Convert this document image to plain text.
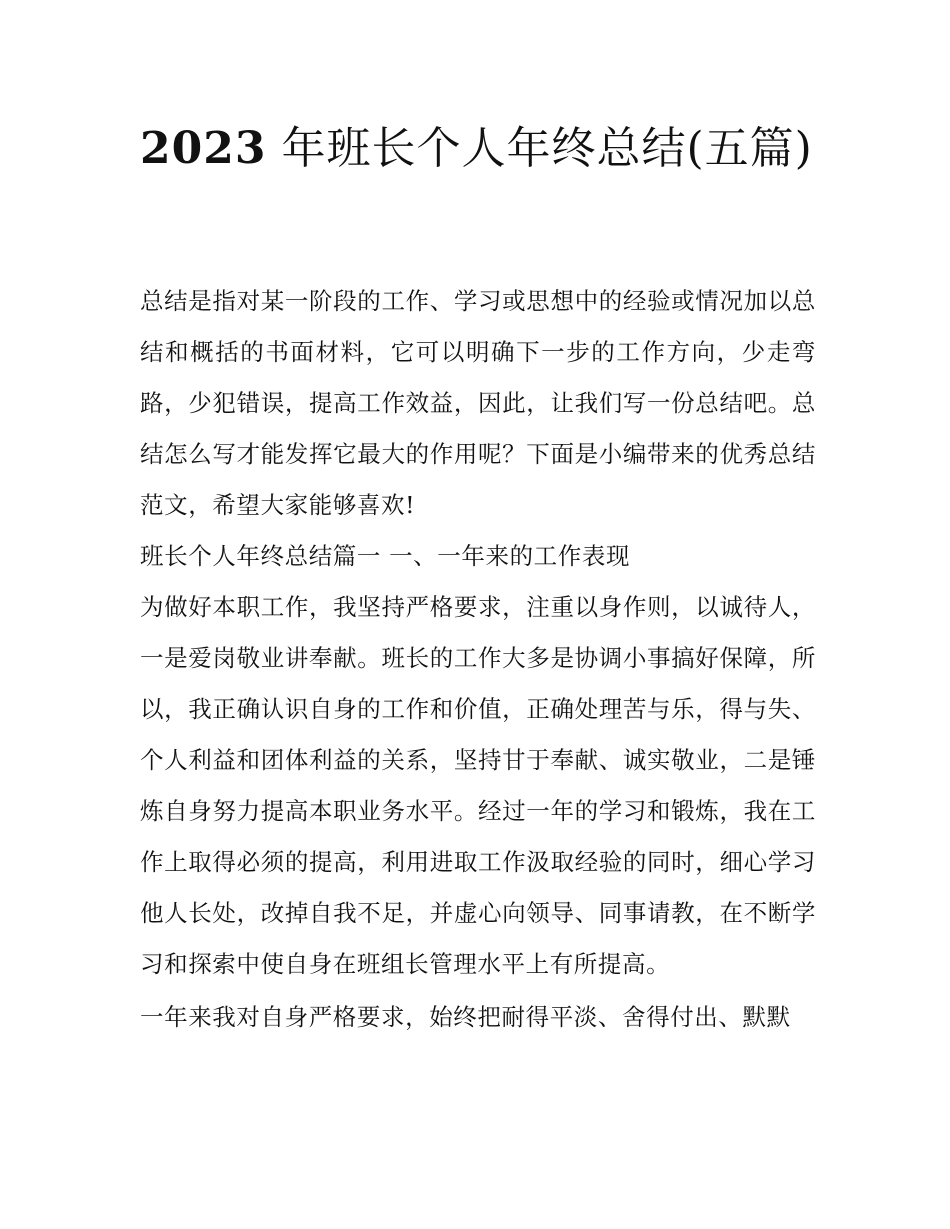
2023 年班长个人年终总结(五篇)

总结是指对某一阶段的工作、学习或思想中的经验或情况加以总结和概括的书面材料，它可以明确下一步的工作方向，少走弯路，少犯错误，提高工作效益，因此，让我们写一份总结吧。总结怎么写才能发挥它最大的作用呢？下面是小编带来的优秀总结范文，希望大家能够喜欢!

班长个人年终总结篇一 一、一年来的工作表现

为做好本职工作，我坚持严格要求，注重以身作则，以诚待人，一是爱岗敬业讲奉献。班长的工作大多是协调小事搞好保障，所以，我正确认识自身的工作和价值，正确处理苦与乐，得与失、个人利益和团体利益的关系，坚持甘于奉献、诚实敬业，二是锤炼自身努力提高本职业务水平。经过一年的学习和锻炼，我在工作上取得必须的提高，利用进取工作汲取经验的同时，细心学习他人长处，改掉自我不足，并虚心向领导、同事请教，在不断学习和探索中使自身在班组长管理水平上有所提高。

一年来我对自身严格要求，始终把耐得平淡、舍得付出、默默
